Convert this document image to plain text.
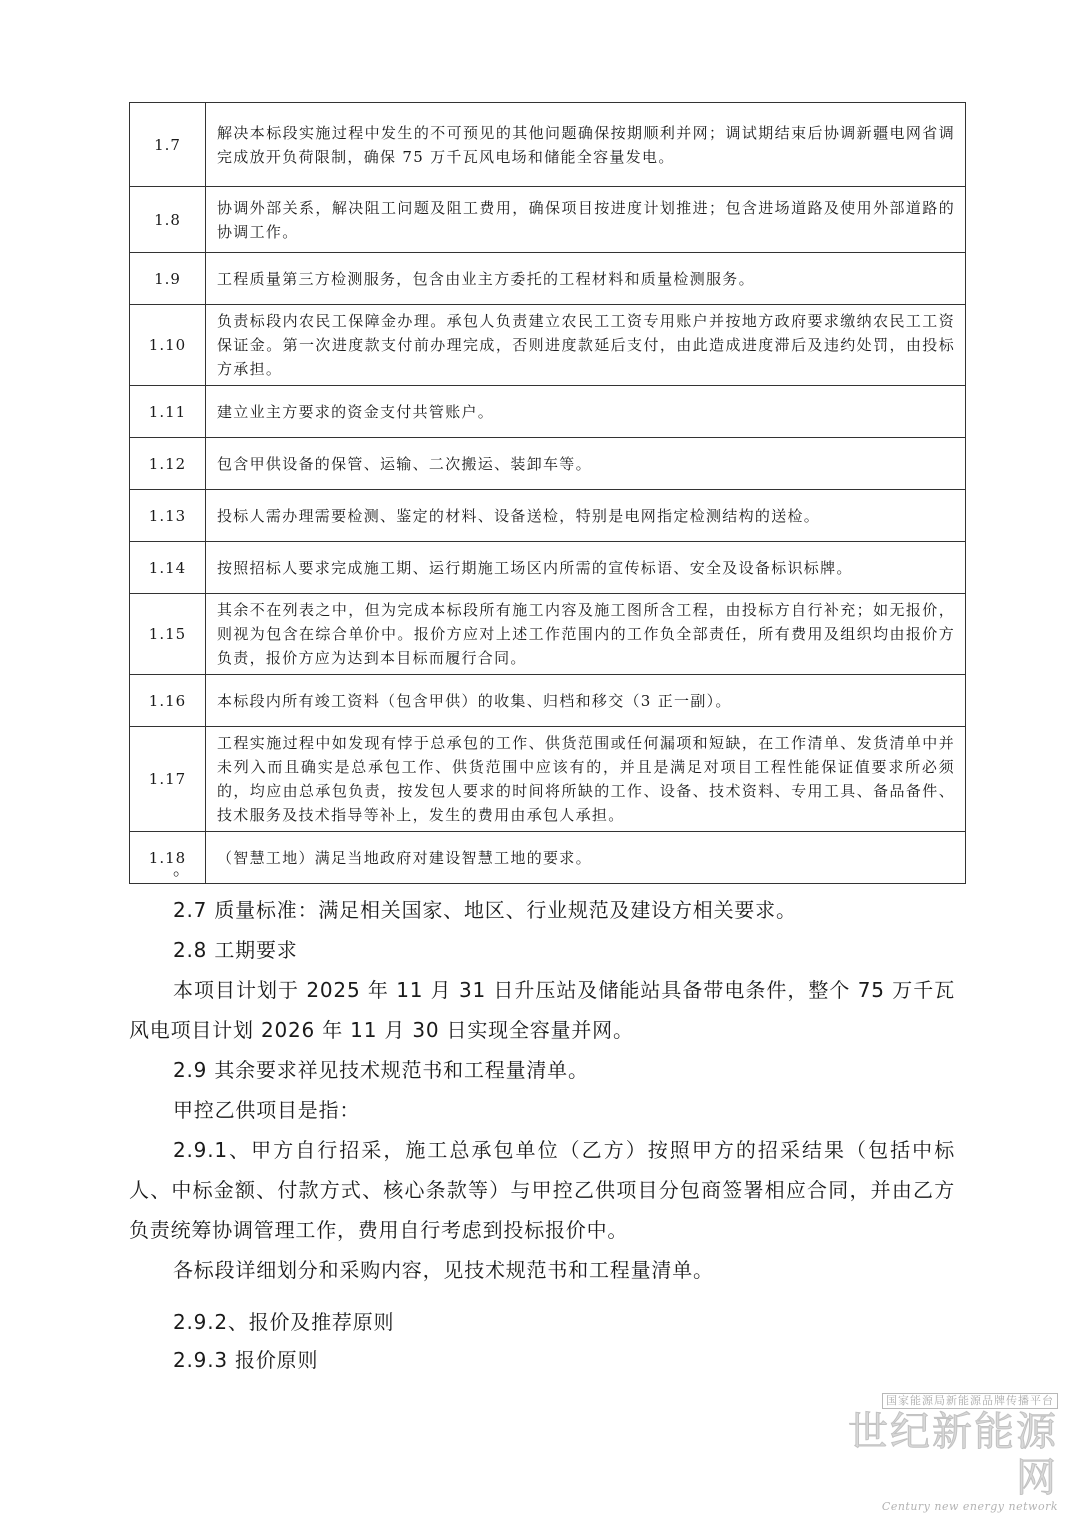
1.7	解决本标段实施过程中发生的不可预见的其他问题确保按期顺利并网；调试期结束后协调新疆电网省调完成放开负荷限制，确保 75 万千瓦风电场和储能全容量发电。
1.8	协调外部关系，解决阻工问题及阻工费用，确保项目按进度计划推进；包含进场道路及使用外部道路的协调工作。
1.9	工程质量第三方检测服务，包含由业主方委托的工程材料和质量检测服务。
1.10	负责标段内农民工保障金办理。承包人负责建立农民工工资专用账户并按地方政府要求缴纳农民工工资保证金。第一次进度款支付前办理完成，否则进度款延后支付，由此造成进度滞后及违约处罚，由投标方承担。
1.11	建立业主方要求的资金支付共管账户。
1.12	包含甲供设备的保管、运输、二次搬运、装卸车等。
1.13	投标人需办理需要检测、鉴定的材料、设备送检，特别是电网指定检测结构的送检。
1.14	按照招标人要求完成施工期、运行期施工场区内所需的宣传标语、安全及设备标识标牌。
1.15	其余不在列表之中，但为完成本标段所有施工内容及施工图所含工程，由投标方自行补充；如无报价，则视为包含在综合单价中。报价方应对上述工作范围内的工作负全部责任，所有费用及组织均由报价方负责，报价方应为达到本目标而履行合同。
1.16	本标段内所有竣工资料（包含甲供）的收集、归档和移交（3 正一副）。
1.17	工程实施过程中如发现有悖于总承包的工作、供货范围或任何漏项和短缺，在工作清单、发货清单中并未列入而且确实是总承包工作、供货范围中应该有的，并且是满足对项目工程性能保证值要求所必须的，均应由总承包负责，按发包人要求的时间将所缺的工作、设备、技术资料、专用工具、备品备件、技术服务及技术指导等补上，发生的费用由承包人承担。
1.18	（智慧工地）满足当地政府对建设智慧工地的要求。
。

2.7 质量标准：满足相关国家、地区、行业规范及建设方相关要求。

2.8 工期要求

本项目计划于 2025 年 11 月 31 日升压站及储能站具备带电条件，整个 75 万千瓦风电项目计划 2026 年 11 月 30 日实现全容量并网。

2.9 其余要求祥见技术规范书和工程量清单。

甲控乙供项目是指：

2.9.1、甲方自行招采，施工总承包单位（乙方）按照甲方的招采结果（包括中标人、中标金额、付款方式、核心条款等）与甲控乙供项目分包商签署相应合同，并由乙方负责统筹协调管理工作，费用自行考虑到投标报价中。

各标段详细划分和采购内容，见技术规范书和工程量清单。

2.9.2、报价及推荐原则

2.9.3 报价原则

国家能源局新能源品牌传播平台
世纪新能源网
Century new energy network
